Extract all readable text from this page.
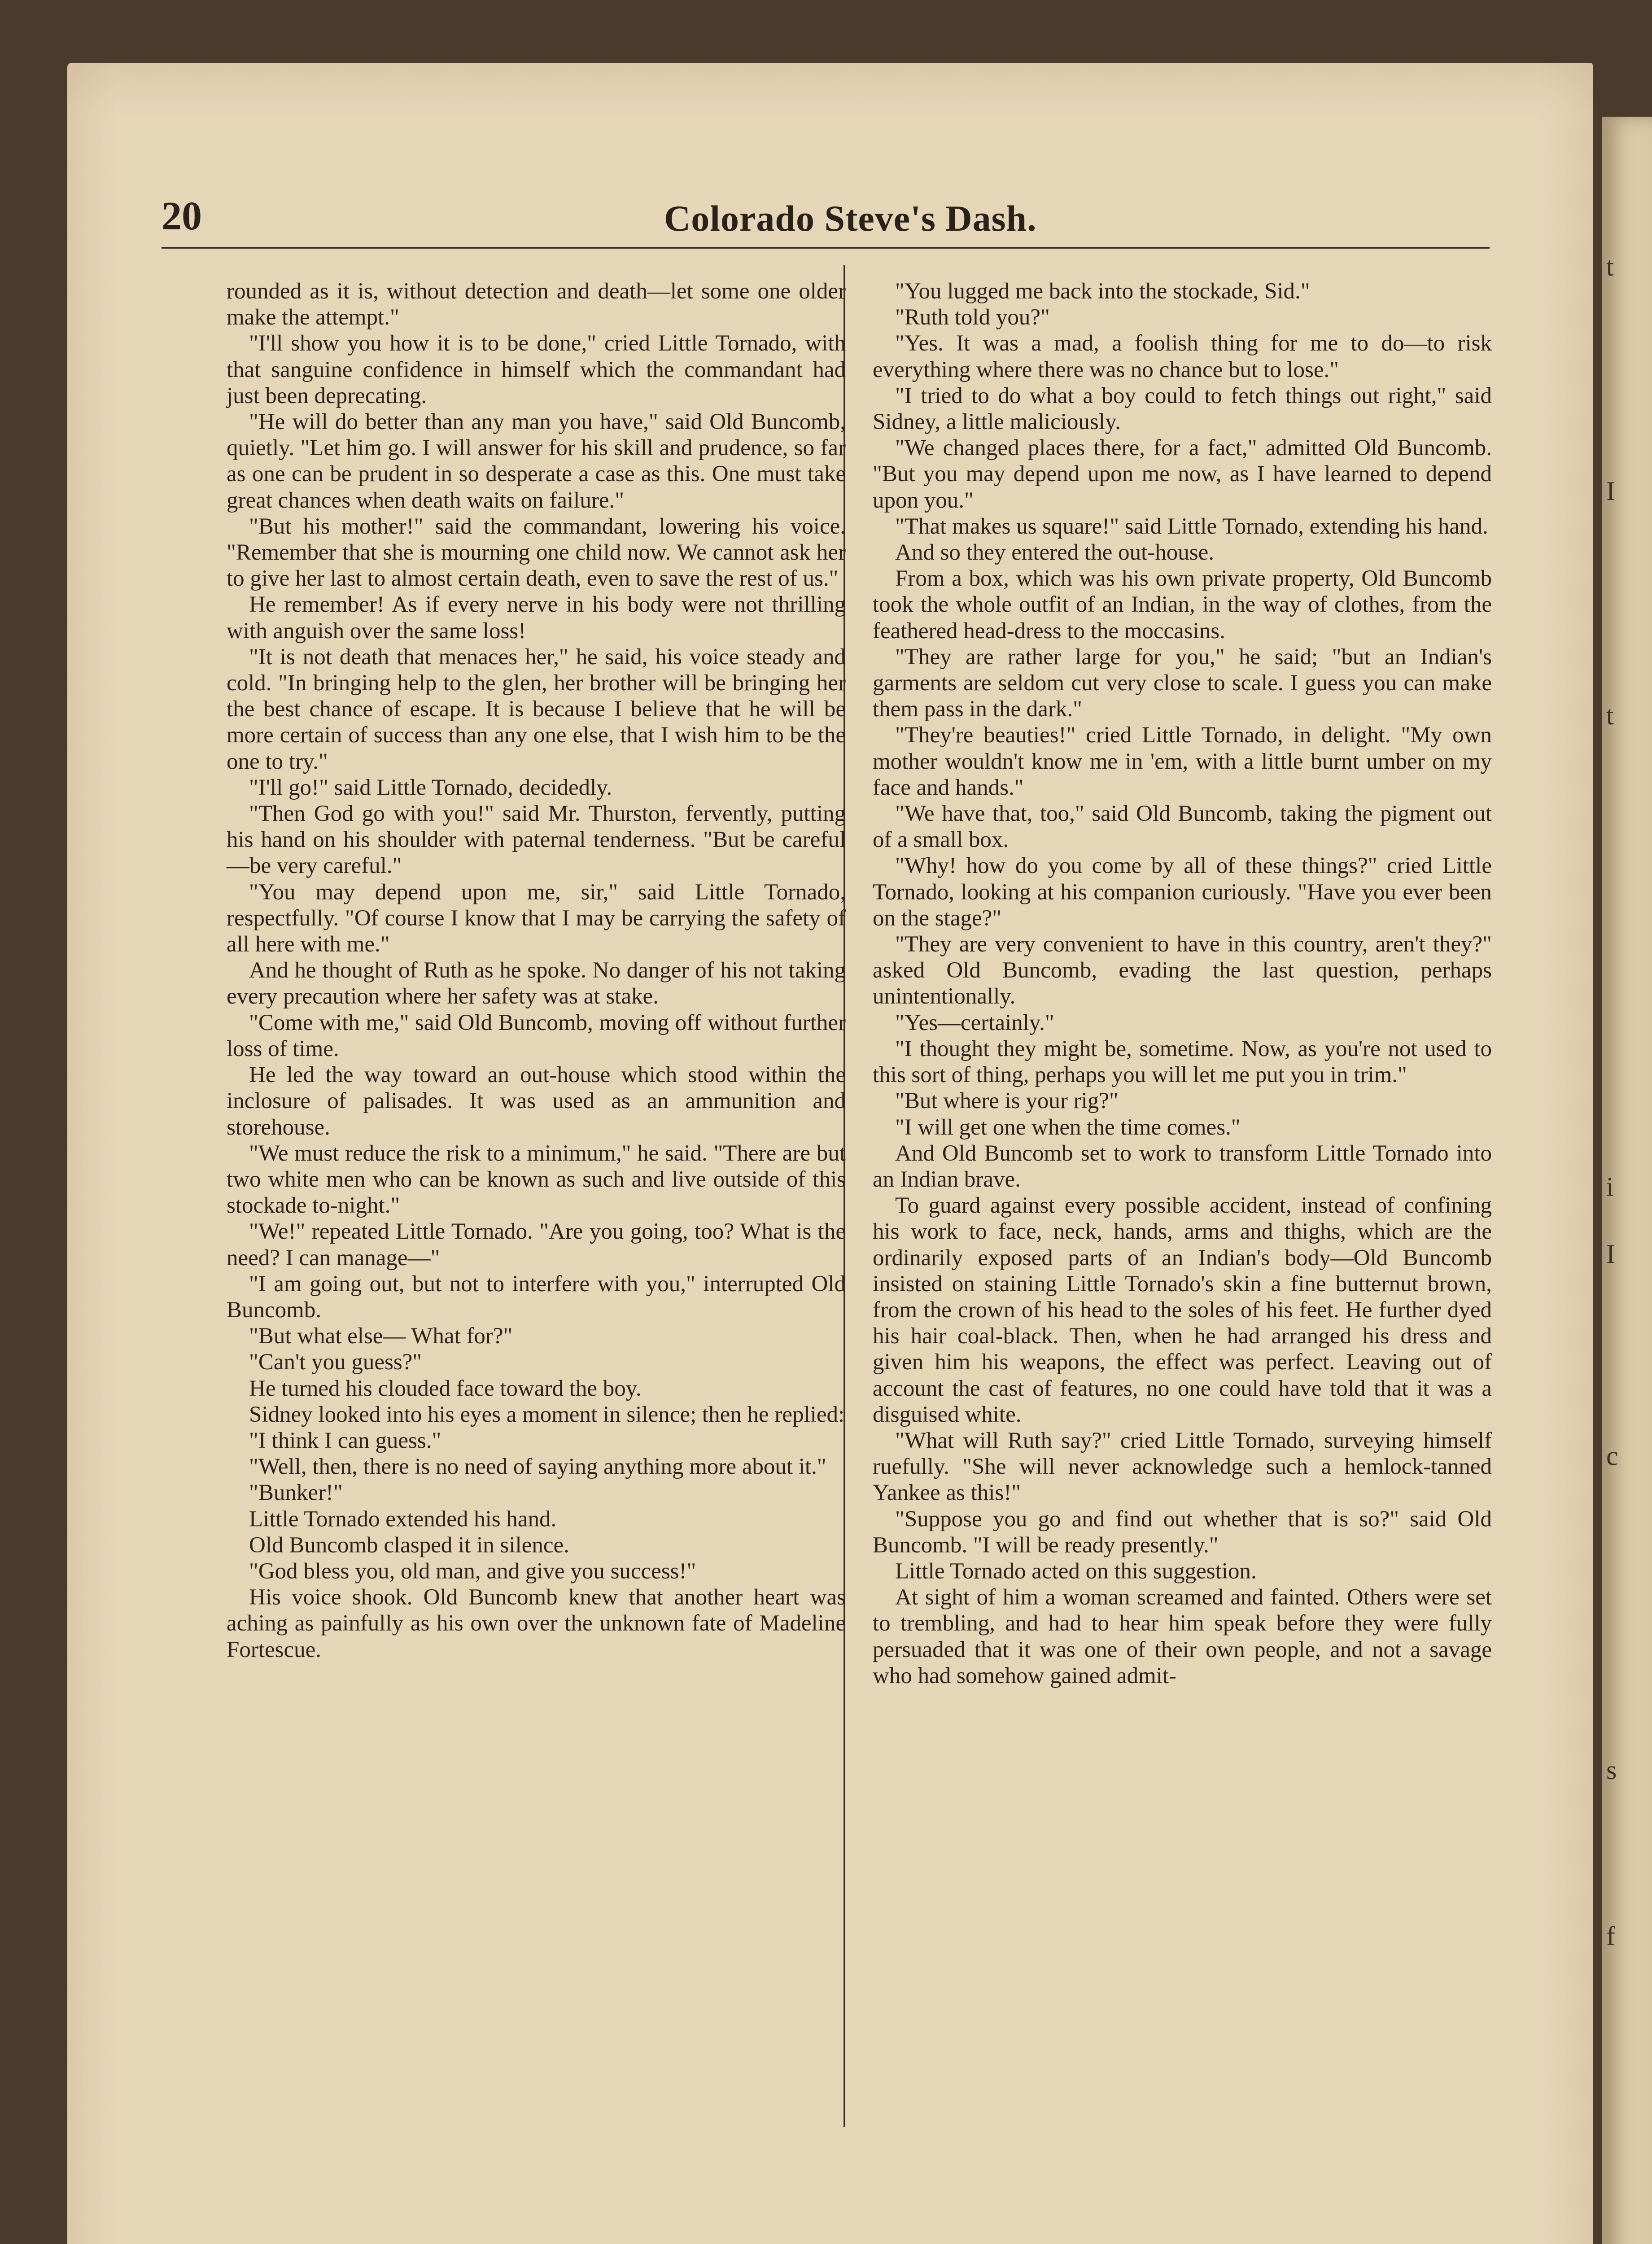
t
I
t
i
I
c
s
f
20	Colorado Steve's Dash.

rounded as it is, without detection and death—let some one older make the attempt."

"I'll show you how it is to be done," cried Little Tornado, with that sanguine confidence in himself which the commandant had just been deprecating.

"He will do better than any man you have," said Old Buncomb, quietly. "Let him go. I will answer for his skill and prudence, so far as one can be prudent in so desperate a case as this. One must take great chances when death waits on failure."

"But his mother!" said the commandant, lowering his voice. "Remember that she is mourning one child now. We cannot ask her to give her last to almost certain death, even to save the rest of us."

He remember! As if every nerve in his body were not thrilling with anguish over the same loss!

"It is not death that menaces her," he said, his voice steady and cold. "In bringing help to the glen, her brother will be bringing her the best chance of escape. It is because I believe that he will be more certain of success than any one else, that I wish him to be the one to try."

"I'll go!" said Little Tornado, decidedly.

"Then God go with you!" said Mr. Thurston, fervently, putting his hand on his shoulder with paternal tenderness. "But be careful—be very careful."

"You may depend upon me, sir," said Little Tornado, respectfully. "Of course I know that I may be carrying the safety of all here with me."

And he thought of Ruth as he spoke. No danger of his not taking every precaution where her safety was at stake.

"Come with me," said Old Buncomb, moving off without further loss of time.

He led the way toward an out-house which stood within the inclosure of palisades. It was used as an ammunition and storehouse.

"We must reduce the risk to a minimum," he said. "There are but two white men who can be known as such and live outside of this stockade to-night."

"We!" repeated Little Tornado. "Are you going, too? What is the need? I can manage—"

"I am going out, but not to interfere with you," interrupted Old Buncomb.

"But what else— What for?"

"Can't you guess?"

He turned his clouded face toward the boy.

Sidney looked into his eyes a moment in silence; then he replied:

"I think I can guess."

"Well, then, there is no need of saying anything more about it."

"Bunker!"

Little Tornado extended his hand.

Old Buncomb clasped it in silence.

"God bless you, old man, and give you success!"

His voice shook. Old Buncomb knew that another heart was aching as painfully as his own over the unknown fate of Madeline Fortescue.

"You lugged me back into the stockade, Sid."

"Ruth told you?"

"Yes. It was a mad, a foolish thing for me to do—to risk everything where there was no chance but to lose."

"I tried to do what a boy could to fetch things out right," said Sidney, a little maliciously.

"We changed places there, for a fact," admitted Old Buncomb. "But you may depend upon me now, as I have learned to depend upon you."

"That makes us square!" said Little Tornado, extending his hand.

And so they entered the out-house.

From a box, which was his own private property, Old Buncomb took the whole outfit of an Indian, in the way of clothes, from the feathered head-dress to the moccasins.

"They are rather large for you," he said; "but an Indian's garments are seldom cut very close to scale. I guess you can make them pass in the dark."

"They're beauties!" cried Little Tornado, in delight. "My own mother wouldn't know me in 'em, with a little burnt umber on my face and hands."

"We have that, too," said Old Buncomb, taking the pigment out of a small box.

"Why! how do you come by all of these things?" cried Little Tornado, looking at his companion curiously. "Have you ever been on the stage?"

"They are very convenient to have in this country, aren't they?" asked Old Buncomb, evading the last question, perhaps unintentionally.

"Yes—certainly."

"I thought they might be, sometime. Now, as you're not used to this sort of thing, perhaps you will let me put you in trim."

"But where is your rig?"

"I will get one when the time comes."

And Old Buncomb set to work to transform Little Tornado into an Indian brave.

To guard against every possible accident, instead of confining his work to face, neck, hands, arms and thighs, which are the ordinarily exposed parts of an Indian's body—Old Buncomb insisted on staining Little Tornado's skin a fine butternut brown, from the crown of his head to the soles of his feet. He further dyed his hair coal-black. Then, when he had arranged his dress and given him his weapons, the effect was perfect. Leaving out of account the cast of features, no one could have told that it was a disguised white.

"What will Ruth say?" cried Little Tornado, surveying himself ruefully. "She will never acknowledge such a hemlock-tanned Yankee as this!"

"Suppose you go and find out whether that is so?" said Old Buncomb. "I will be ready presently."

Little Tornado acted on this suggestion.

At sight of him a woman screamed and fainted. Others were set to trembling, and had to hear him speak before they were fully persuaded that it was one of their own people, and not a savage who had somehow gained admit-
